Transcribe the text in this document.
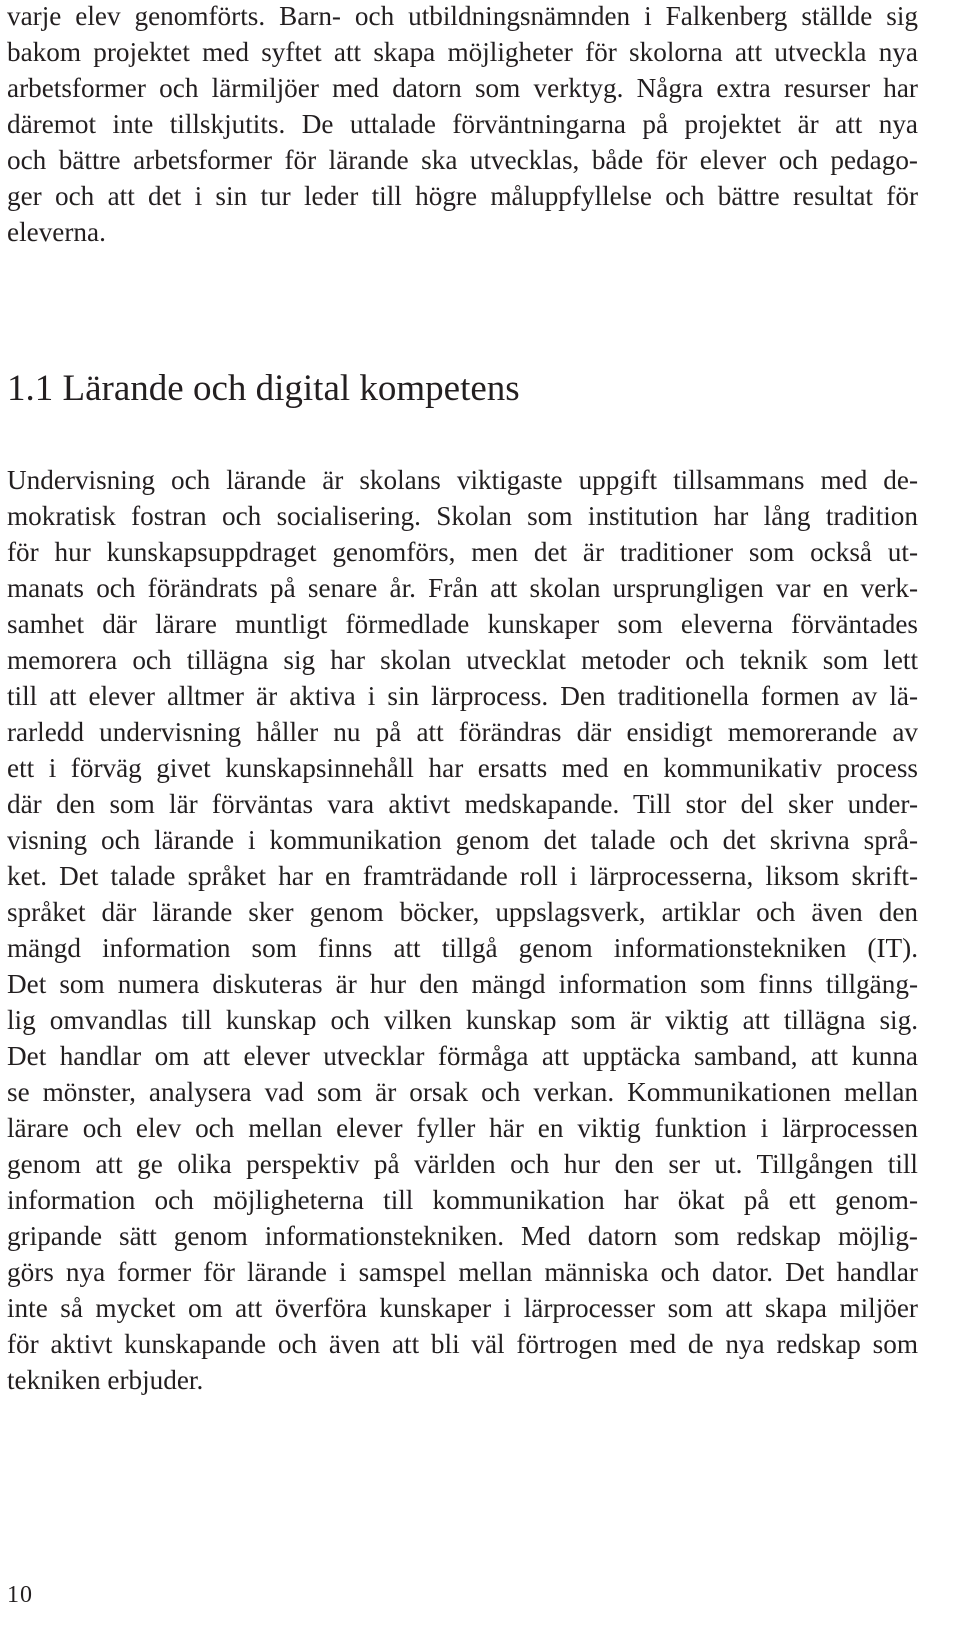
varje elev genomförts. Barn- och utbildningsnämnden i Falkenberg ställde sig
bakom projektet med syftet att skapa möjligheter för skolorna att utveckla nya
arbetsformer och lärmiljöer med datorn som verktyg. Några extra resurser har
däremot inte tillskjutits. De uttalade förväntningarna på projektet är att nya
och bättre arbetsformer för lärande ska utvecklas, både för elever och pedago-
ger och att det i sin tur leder till högre måluppfyllelse och bättre resultat för
eleverna.
1.1 Lärande och digital kompetens
Undervisning och lärande är skolans viktigaste uppgift tillsammans med de-
mokratisk fostran och socialisering. Skolan som institution har lång tradition
för hur kunskapsuppdraget genomförs, men det är traditioner som också ut-
manats och förändrats på senare år. Från att skolan ursprungligen var en verk-
samhet där lärare muntligt förmedlade kunskaper som eleverna förväntades
memorera och tillägna sig har skolan utvecklat metoder och teknik som lett
till att elever alltmer är aktiva i sin lärprocess. Den traditionella formen av lä-
rarledd undervisning håller nu på att förändras där ensidigt memorerande av
ett i förväg givet kunskapsinnehåll har ersatts med en kommunikativ process
där den som lär förväntas vara aktivt medskapande. Till stor del sker under-
visning och lärande i kommunikation genom det talade och det skrivna språ-
ket. Det talade språket har en framträdande roll i lärprocesserna, liksom skrift-
språket där lärande sker genom böcker, uppslagsverk, artiklar och även den
mängd information som finns att tillgå genom informationstekniken (IT).
Det som numera diskuteras är hur den mängd information som finns tillgäng-
lig omvandlas till kunskap och vilken kunskap som är viktig att tillägna sig.
Det handlar om att elever utvecklar förmåga att upptäcka samband, att kunna
se mönster, analysera vad som är orsak och verkan. Kommunikationen mellan
lärare och elev och mellan elever fyller här en viktig funktion i lärprocessen
genom att ge olika perspektiv på världen och hur den ser ut. Tillgången till
information och möjligheterna till kommunikation har ökat på ett genom-
gripande sätt genom informationstekniken. Med datorn som redskap möjlig-
görs nya former för lärande i samspel mellan människa och dator. Det handlar
inte så mycket om att överföra kunskaper i lärprocesser som att skapa miljöer
för aktivt kunskapande och även att bli väl förtrogen med de nya redskap som
tekniken erbjuder.
10
